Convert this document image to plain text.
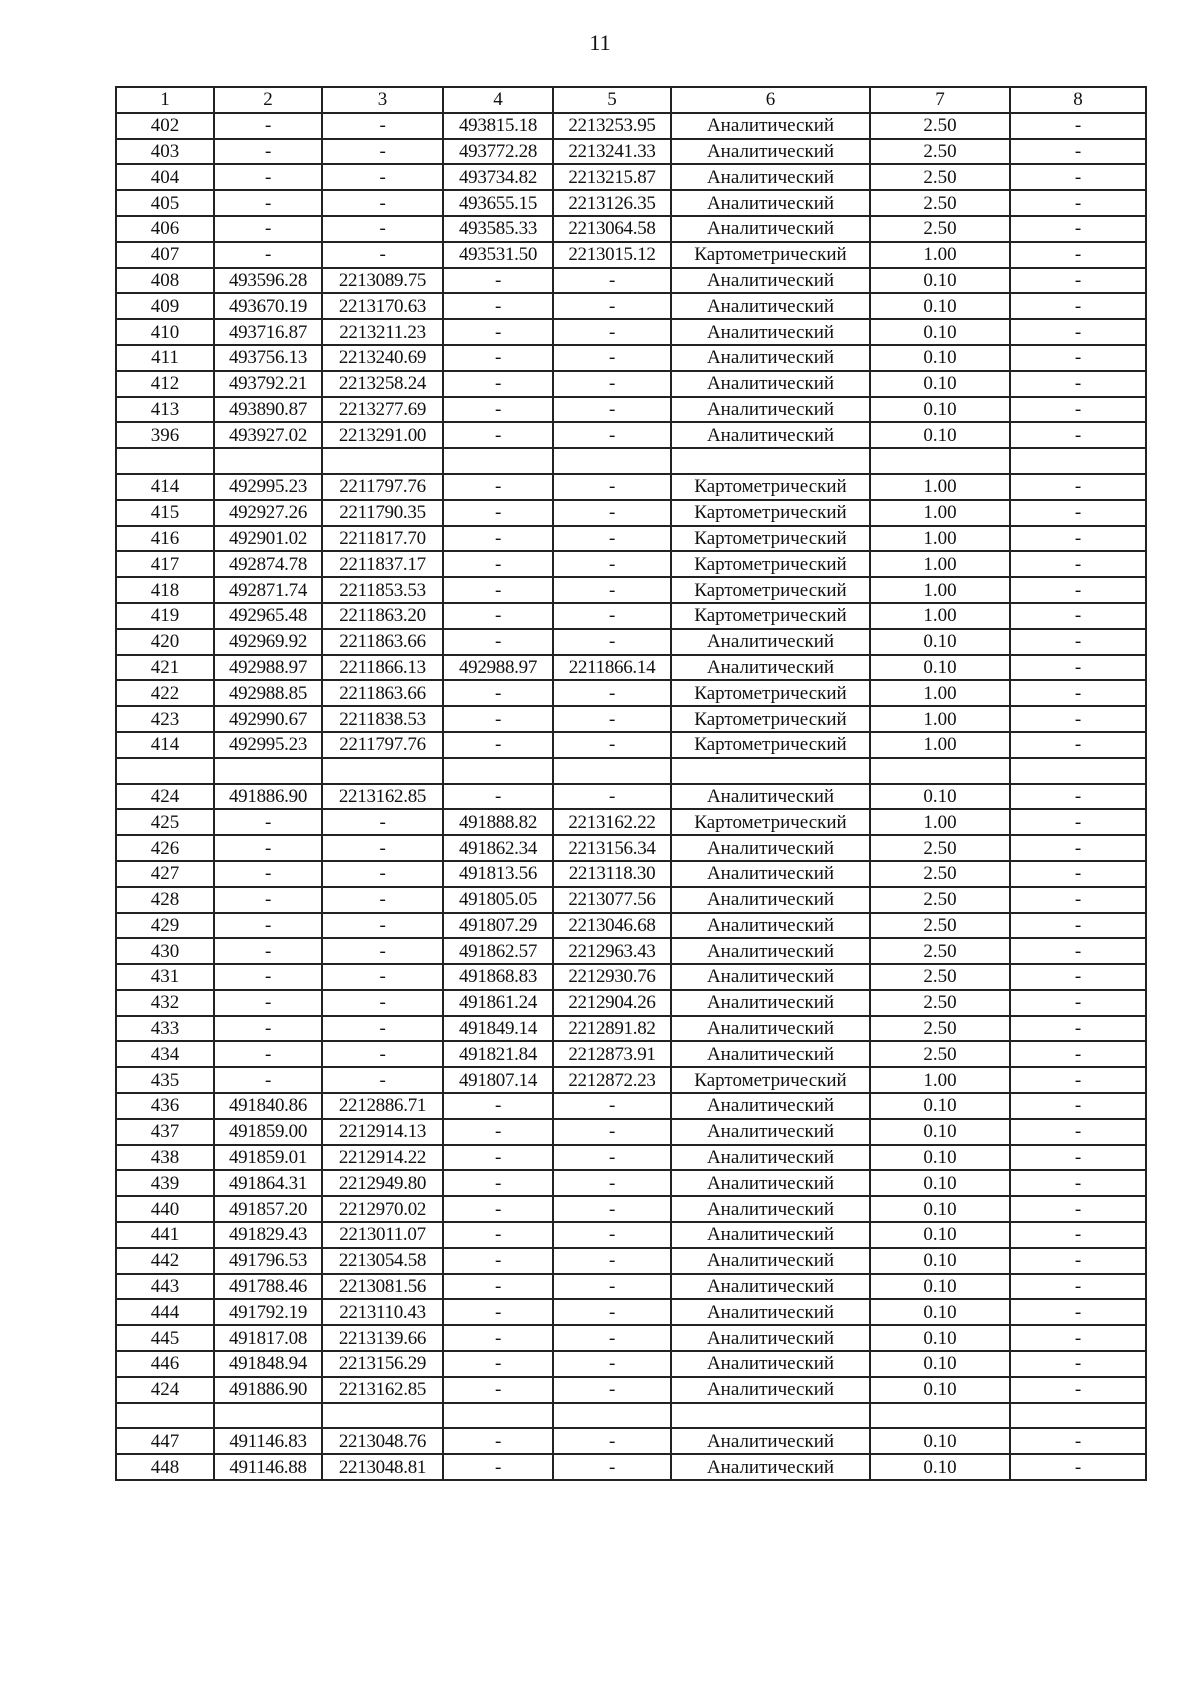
11
1	2	3	4	5	6	7	8
402	-	-	493815.18	2213253.95	Аналитический	2.50	-
403	-	-	493772.28	2213241.33	Аналитический	2.50	-
404	-	-	493734.82	2213215.87	Аналитический	2.50	-
405	-	-	493655.15	2213126.35	Аналитический	2.50	-
406	-	-	493585.33	2213064.58	Аналитический	2.50	-
407	-	-	493531.50	2213015.12	Картометрический	1.00	-
408	493596.28	2213089.75	-	-	Аналитический	0.10	-
409	493670.19	2213170.63	-	-	Аналитический	0.10	-
410	493716.87	2213211.23	-	-	Аналитический	0.10	-
411	493756.13	2213240.69	-	-	Аналитический	0.10	-
412	493792.21	2213258.24	-	-	Аналитический	0.10	-
413	493890.87	2213277.69	-	-	Аналитический	0.10	-
396	493927.02	2213291.00	-	-	Аналитический	0.10	-

414	492995.23	2211797.76	-	-	Картометрический	1.00	-
415	492927.26	2211790.35	-	-	Картометрический	1.00	-
416	492901.02	2211817.70	-	-	Картометрический	1.00	-
417	492874.78	2211837.17	-	-	Картометрический	1.00	-
418	492871.74	2211853.53	-	-	Картометрический	1.00	-
419	492965.48	2211863.20	-	-	Картометрический	1.00	-
420	492969.92	2211863.66	-	-	Аналитический	0.10	-
421	492988.97	2211866.13	492988.97	2211866.14	Аналитический	0.10	-
422	492988.85	2211863.66	-	-	Картометрический	1.00	-
423	492990.67	2211838.53	-	-	Картометрический	1.00	-
414	492995.23	2211797.76	-	-	Картометрический	1.00	-

424	491886.90	2213162.85	-	-	Аналитический	0.10	-
425	-	-	491888.82	2213162.22	Картометрический	1.00	-
426	-	-	491862.34	2213156.34	Аналитический	2.50	-
427	-	-	491813.56	2213118.30	Аналитический	2.50	-
428	-	-	491805.05	2213077.56	Аналитический	2.50	-
429	-	-	491807.29	2213046.68	Аналитический	2.50	-
430	-	-	491862.57	2212963.43	Аналитический	2.50	-
431	-	-	491868.83	2212930.76	Аналитический	2.50	-
432	-	-	491861.24	2212904.26	Аналитический	2.50	-
433	-	-	491849.14	2212891.82	Аналитический	2.50	-
434	-	-	491821.84	2212873.91	Аналитический	2.50	-
435	-	-	491807.14	2212872.23	Картометрический	1.00	-
436	491840.86	2212886.71	-	-	Аналитический	0.10	-
437	491859.00	2212914.13	-	-	Аналитический	0.10	-
438	491859.01	2212914.22	-	-	Аналитический	0.10	-
439	491864.31	2212949.80	-	-	Аналитический	0.10	-
440	491857.20	2212970.02	-	-	Аналитический	0.10	-
441	491829.43	2213011.07	-	-	Аналитический	0.10	-
442	491796.53	2213054.58	-	-	Аналитический	0.10	-
443	491788.46	2213081.56	-	-	Аналитический	0.10	-
444	491792.19	2213110.43	-	-	Аналитический	0.10	-
445	491817.08	2213139.66	-	-	Аналитический	0.10	-
446	491848.94	2213156.29	-	-	Аналитический	0.10	-
424	491886.90	2213162.85	-	-	Аналитический	0.10	-

447	491146.83	2213048.76	-	-	Аналитический	0.10	-
448	491146.88	2213048.81	-	-	Аналитический	0.10	-
